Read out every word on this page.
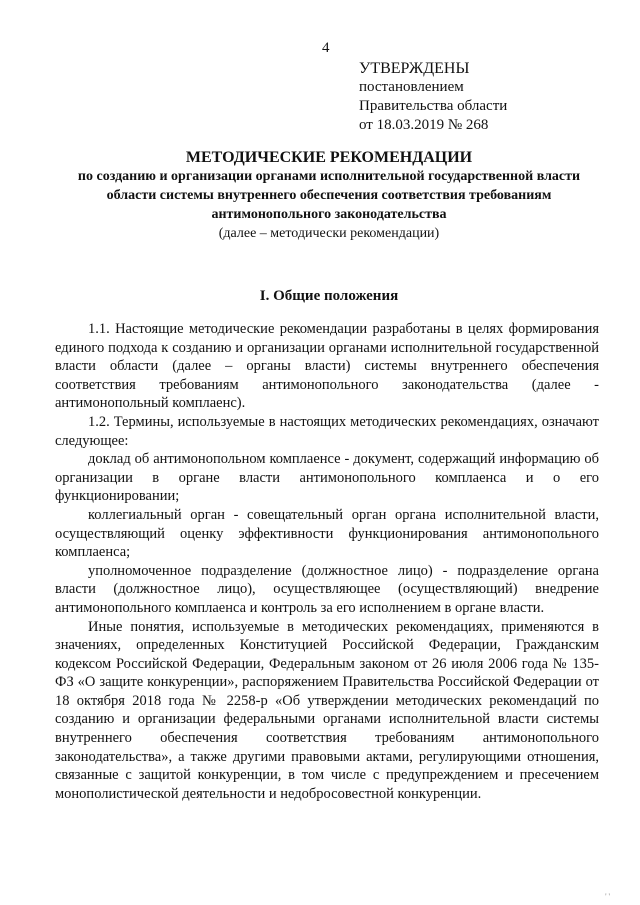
4
УТВЕРЖДЕНЫ
постановлением
Правительства области
от 18.03.2019 № 268
МЕТОДИЧЕСКИЕ РЕКОМЕНДАЦИИ
по созданию и организации органами исполнительной государственной власти
области системы внутреннего обеспечения соответствия требованиям
антимонопольного законодательства
(далее – методически рекомендации)
I. Общие положения

1.1. Настоящие методические рекомендации разработаны в целях формирования единого подхода к созданию и организации органами исполнительной государственной власти области (далее – органы власти) системы внутреннего обеспечения соответствия требованиям антимонопольного законодательства (далее - антимонопольный комплаенс).

1.2. Термины, используемые в настоящих методических рекомендациях, означают следующее:

доклад об антимонопольном комплаенсе - документ, содержащий информацию об организации в органе власти антимонопольного комплаенса и о его функционировании;

коллегиальный орган - совещательный орган органа исполнительной власти, осуществляющий оценку эффективности функционирования антимонопольного комплаенса;

уполномоченное подразделение (должностное лицо) - подразделение органа власти (должностное лицо), осуществляющее (осуществляющий) внедрение антимонопольного комплаенса и контроль за его исполнением в органе власти.

Иные понятия, используемые в методических рекомендациях, применяются в значениях, определенных Конституцией Российской Федерации, Гражданским кодексом Российской Федерации, Федеральным законом от 26 июля 2006 года № 135-ФЗ «О защите конкуренции», распоряжением Правительства Российской Федерации от 18 октября 2018 года № 2258-р «Об утверждении методических рекомендаций по созданию и организации федеральными органами исполнительной власти системы внутреннего обеспечения соответствия требованиям антимонопольного законодательства», а также другими правовыми актами, регулирующими отношения, связанные с защитой конкуренции, в том числе с предупреждением и пресечением монополистической деятельности и недобросовестной конкуренции.

' '
